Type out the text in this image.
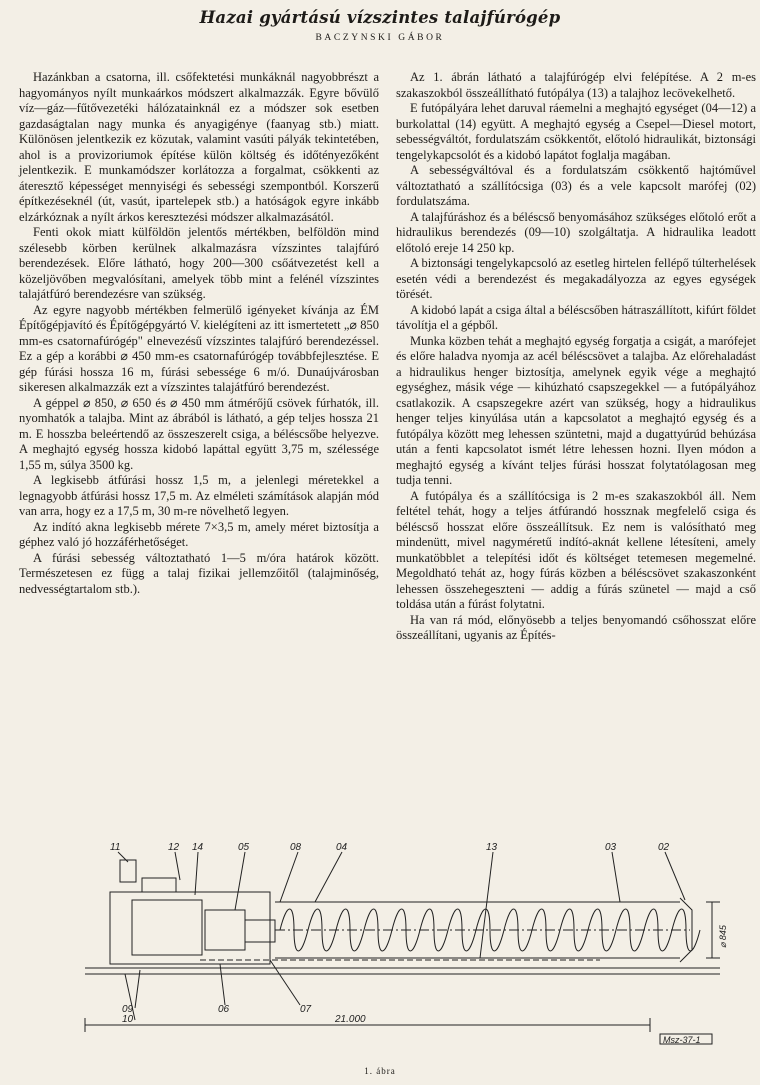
Hazai gyártású vízszintes talajfúrógép
BACZYNSKI GÁBOR

Hazánkban a csatorna, ill. csőfektetési munkáknál nagyobbrészt a hagyományos nyílt munkaárkos módszert alkalmazzák. Egyre bővülő víz—gáz—fűtővezetéki hálózatainknál ez a módszer sok esetben gazdaságtalan nagy munka és anyagigénye (faanyag stb.) miatt. Különösen jelentkezik ez közutak, valamint vasúti pályák tekintetében, ahol is a provizoriumok építése külön költség és időtényezőként jelentkezik. E munkamódszer korlátozza a forgalmat, csökkenti az áteresztő képességet mennyiségi és sebességi szempontból. Korszerű építkezéseknél (út, vasút, ipartelepek stb.) a hatóságok egyre inkább elzárkóznak a nyílt árkos keresztezési módszer alkalmazásától.

Fenti okok miatt külföldön jelentős mértékben, belföldön mind szélesebb körben kerülnek alkalmazásra vízszintes talajfúró berendezések. Előre látható, hogy 200—300 csőátvezetést kell a közeljövőben megvalósítani, amelyek több mint a felénél vízszintes talajátfúró berendezésre van szükség.

Az egyre nagyobb mértékben felmerülő igényeket kívánja az ÉM Építőgépjavító és Építőgépgyártó V. kielégíteni az itt ismertetett „⌀ 850 mm-es csatornafúrógép" elnevezésű vízszintes talajfúró berendezéssel. Ez a gép a korábbi ⌀ 450 mm-es csatornafúrógép továbbfejlesztése. E gép fúrási hossza 16 m, fúrási sebessége 6 m/ó. Dunaújvárosban sikeresen alkalmazzák ezt a vízszintes talajátfúró berendezést.

A géppel ⌀ 850, ⌀ 650 és ⌀ 450 mm átmérőjű csövek fúrhatók, ill. nyomhatók a talajba. Mint az ábrából is látható, a gép teljes hossza 21 m. E hosszba beleértendő az összeszerelt csiga, a béléscsőbe helyezve. A meghajtó egység hossza kidobó lapáttal együtt 3,75 m, szélessége 1,55 m, súlya 3500 kg.

A legkisebb átfúrási hossz 1,5 m, a jelenlegi méretekkel a legnagyobb átfúrási hossz 17,5 m. Az elméleti számítások alapján mód van arra, hogy ez a 17,5 m, 30 m-re növelhető legyen.

Az indító akna legkisebb mérete 7×3,5 m, amely méret biztosítja a géphez való jó hozzáférhetőséget.

A fúrási sebesség változtatható 1—5 m/óra határok között. Természetesen ez függ a talaj fizikai jellemzőitől (talajminőség, nedvességtartalom stb.).

Az 1. ábrán látható a talajfúrógép elvi felépítése. A 2 m-es szakaszokból összeállítható futópálya (13) a talajhoz lecövekelhető.

E futópályára lehet daruval ráemelni a meghajtó egységet (04—12) a burkolattal (14) együtt. A meghajtó egység a Csepel—Diesel motort, sebességváltót, fordulatszám csökkentőt, előtoló hidraulikát, biztonsági tengelykapcsolót és a kidobó lapátot foglalja magában.

A sebességváltóval és a fordulatszám csökkentő hajtóművel változtatható a szállítócsiga (03) és a vele kapcsolt marófej (02) fordulatszáma.

A talajfúráshoz és a béléscső benyomásához szükséges előtoló erőt a hidraulikus berendezés (09—10) szolgáltatja. A hidraulika leadott előtoló ereje 14 250 kp.

A biztonsági tengelykapcsoló az esetleg hirtelen fellépő túlterhelések esetén védi a berendezést és megakadályozza az egyes egységek törését.

A kidobó lapát a csiga által a béléscsőben hátraszállított, kifúrt földet távolítja el a gépből.

Munka közben tehát a meghajtó egység forgatja a csigát, a marófejet és előre haladva nyomja az acél béléscsövet a talajba. Az előrehaladást a hidraulikus henger biztosítja, amelynek egyik vége a meghajtó egységhez, másik vége — kihúzható csapszegekkel — a futópályához csatlakozik. A csapszegekre azért van szükség, hogy a hidraulikus henger teljes kinyúlása után a kapcsolatot a meghajtó egység és a futópálya között meg lehessen szüntetni, majd a dugattyúrúd behúzása után a fenti kapcsolatot ismét létre lehessen hozni. Ilyen módon a meghajtó egység a kívánt teljes fúrási hosszat folytatólagosan meg tudja tenni.

A futópálya és a szállítócsiga is 2 m-es szakaszokból áll. Nem feltétel tehát, hogy a teljes átfúrandó hossznak megfelelő csiga és béléscső hosszat előre összeállítsuk. Ez nem is valósítható meg mindenütt, mivel nagyméretű indító-aknát kellene létesíteni, amely munkatöbblet a telepítési időt és költséget tetemesen megemelné. Megoldható tehát az, hogy fúrás közben a béléscsövet szakaszonként lehessen összehegeszteni — addig a fúrás szünetel — majd a cső toldása után a fúrást folytatni.

Ha van rá mód, előnyösebb a teljes benyomandó csőhosszat előre összeállítani, ugyanis az Építés-

11	12 14	05	08	04	13	03	02
09
10
06	07
21.000
Msz-37-1
⌀ 845
1. ábra
